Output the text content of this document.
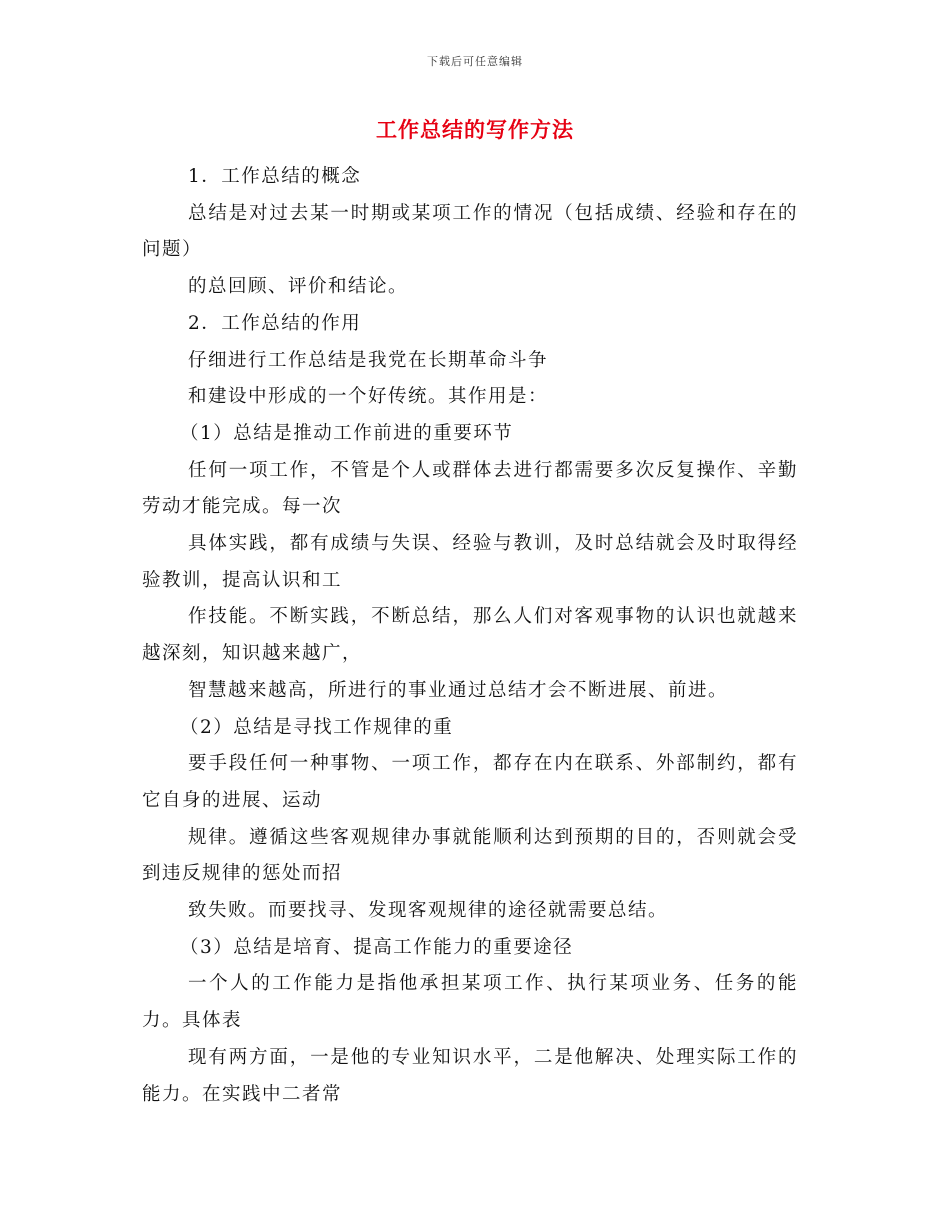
下载后可任意编辑
工作总结的写作方法

1．工作总结的概念

总结是对过去某一时期或某项工作的情况（包括成绩、经验和存在的问题）

的总回顾、评价和结论。

2．工作总结的作用

仔细进行工作总结是我党在长期革命斗争

和建设中形成的一个好传统。其作用是：

（1）总结是推动工作前进的重要环节

任何一项工作，不管是个人或群体去进行都需要多次反复操作、辛勤劳动才能完成。每一次

具体实践，都有成绩与失误、经验与教训，及时总结就会及时取得经验教训，提高认识和工

作技能。不断实践，不断总结，那么人们对客观事物的认识也就越来越深刻，知识越来越广，

智慧越来越高，所进行的事业通过总结才会不断进展、前进。

（2）总结是寻找工作规律的重

要手段任何一种事物、一项工作，都存在内在联系、外部制约，都有它自身的进展、运动

规律。遵循这些客观规律办事就能顺利达到预期的目的，否则就会受到违反规律的惩处而招

致失败。而要找寻、发现客观规律的途径就需要总结。

（3）总结是培育、提高工作能力的重要途径

一个人的工作能力是指他承担某项工作、执行某项业务、任务的能力。具体表

现有两方面，一是他的专业知识水平，二是他解决、处理实际工作的能力。在实践中二者常
